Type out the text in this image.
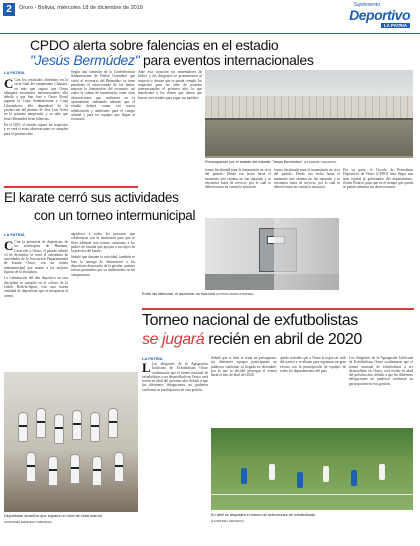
2	Oruro - Bolivia, miércoles 18 de diciembre de 2019	Suplemento
Deportivo
LA PATRIA
CPDO alerta sobre falencias en el estadio
"Jesús Bermúdez" para eventos internacionales
LA PATRIA
C Con los resultados obtenidos en la recta final del campeonato Clausura, en más que seguro que Oruro albergará encuentros internacionales, ello debido a que San José y Oruro Royal jugarán la Copa Sudamericana y Copa Libertadores, ello dependerá de la producción del planteo de José Luis Aceto en la próxima temporada, y se sabe que Jesús Bermúdez tiene falencias.
En el 2019, el estadio superó los requisitos y se verá si estas observaciones se cumplen para el próximo año.
Según una comisión de la Confederación Sudamericana de Fútbol Conmebol que visitó el escenario del Bermúdez, se tiene pendiente el refaccionado de los baños, mejorar la iluminación del escenario, así como la cabina de transmisión, entre otras observaciones que realizaron en la oportunidad, señalando además que el estadio deberá contar con nueva señalización y ambientes para el cuerpo arbitral y para los equipos que llegan al escenario.
Ante esta situación los entrenadores de fútbol, y los dirigentes se pronunciaron al respecto y desean que se pueda cumplir los requisitos para ser sede de partidos internacionales el próximo año, lo que beneficiará a los clubes que tienen que buscar otro estadio para jugar sus partidos.
Preocupación por el estado del estadio "Jesús Bermúdez" (LA PATRIA / ARCHIVO)
forma fiscalizada para la transmisión en vivo del partido. Desde esa fecha hasta el momento este sistema no fue reparado y se encuentra fuera de servicio, por lo cual se deberá tomar en cuenta la situación.
forma fiscalizada para la transmisión en vivo del partido. Desde esa fecha hasta el momento este sistema no fue reparado y se encuentra fuera de servicio, por lo cual se deberá tomar en cuenta la situación.
Por su parte, el Circulo de Periodistas Deportivos de Oruro (CPDO) hizo llegar una nota formal al gobernador del departamento, Zenón Pizarro, para que en el tiempo que queda se pueda subsanar las observaciones.
Entre las falencias, el ascensor no funciona (FOTOS CPDO/LA PATRIA)
El karate cerró sus actividades
con un torneo intermunicipal
LA PATRIA
C Con la presencia de deportistas de los municipios de Huanuni, Caracollo y Oruro, el pasado sábado 14 de diciembre se cerró el calendario de actividades de la Asociación Departamental de Karate Oruro, con un torneo intermunicipal que reunió a las mejores figuras de la disciplina.
La culminación del año deportivo en esta disciplina se cumplió en el coliseo de la Unión Bolivia-Japón, con una buena cantidad de deportistas que se integraron al torneo.
agradecer a todos los personas que colaboraron con la institución para que se lleve adelante este evento, asimismo a los padres de familia que apoyan a sus hijos en la práctica del karate.
Señaló que durante la actividad, también se hizo la entrega de distinciones a los deportistas destacados de la gestión, quienes fueron premiados por su rendimiento en los campeonatos.
Deportistas orureños que lograron el nivel de cinta marrón
(CORTESÍA MARCELO TABOADA)
Torneo nacional de exfutbolistas
se jugará recién en abril de 2020
LA PATRIA
L Los dirigentes de la Agrupación Unificada de Exfutbolistas Oruro confirmaron que el torneo nacional de exfutbolistas a ser desarrollado en Oruro, será recién en abril del próximo año, debido a que las diferentes delegaciones no pudieron confirmar su participación en esta gestión.
Señaló que si bien se tenía un presupuesto, los diferentes equipos participantes no pudieron confirmar su llegada en diciembre, por lo que se decidió postergar el evento hasta el mes de abril del 2020.
quedo sorteado que a Oruro le toque ser sede del torneo y se alistan para organizar un gran evento con la participación de equipos de todos los departamentos del país.
Los dirigentes de la Agrupación Unificada de Exfutbolistas Oruro confirmaron que el torneo nacional de exfutbolistas a ser desarrollado en Oruro, será recién en abril del próximo año, debido a que las diferentes delegaciones no pudieron confirmar su participación en esta gestión.
En abril se disputará el torneo de selecciones de exfutbolistas
(LA PATRIA / ARCHIVO)
